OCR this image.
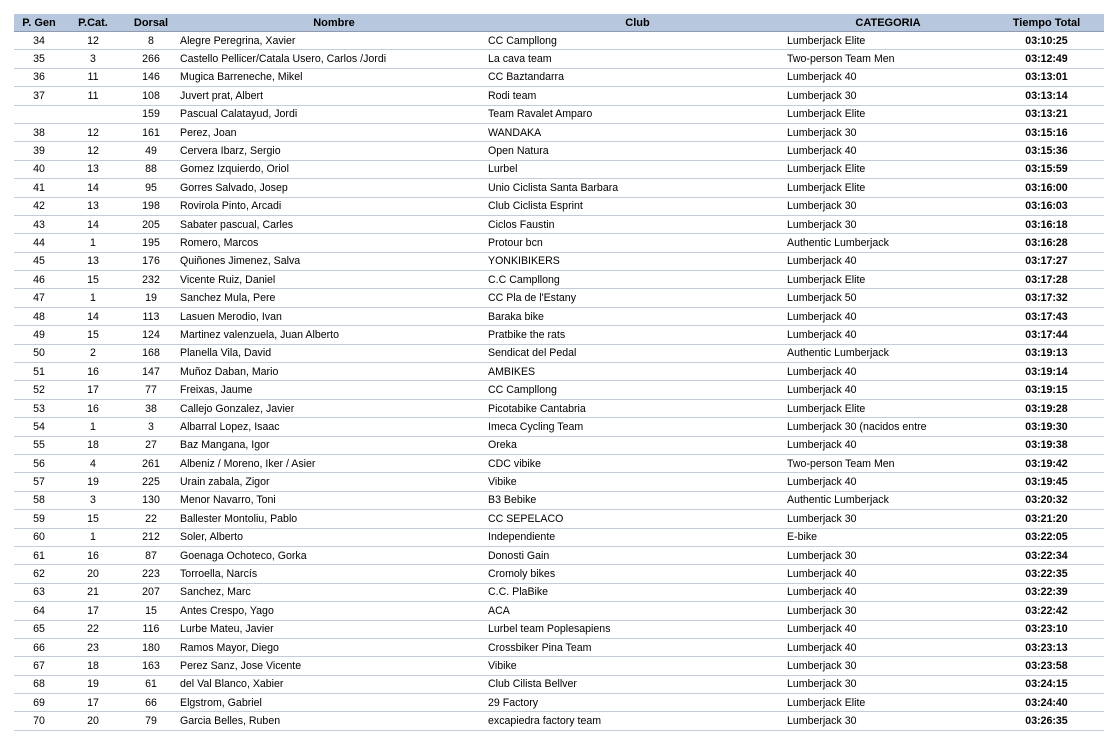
P. Gen	P.Cat.	Dorsal	Nombre	Club	CATEGORIA	Tiempo Total
34	12	8	Alegre Peregrina, Xavier	CC Campllong	Lumberjack Elite	03:10:25
35	3	266	Castello Pellicer/Catala Usero, Carlos /Jordi	La cava team	Two-person Team Men	03:12:49
36	11	146	Mugica Barreneche, Mikel	CC Baztandarra	Lumberjack 40	03:13:01
37	11	108	Juvert prat, Albert	Rodi team	Lumberjack 30	03:13:14
		159	Pascual Calatayud, Jordi	Team Ravalet Amparo	Lumberjack Elite	03:13:21
38	12	161	Perez, Joan	WANDAKA	Lumberjack 30	03:15:16
39	12	49	Cervera Ibarz, Sergio	Open Natura	Lumberjack 40	03:15:36
40	13	88	Gomez Izquierdo, Oriol	Lurbel	Lumberjack Elite	03:15:59
41	14	95	Gorres Salvado, Josep	Unio Ciclista Santa Barbara	Lumberjack Elite	03:16:00
42	13	198	Rovirola Pinto, Arcadi	Club Ciclista Esprint	Lumberjack 30	03:16:03
43	14	205	Sabater pascual, Carles	Ciclos Faustin	Lumberjack 30	03:16:18
44	1	195	Romero, Marcos	Protour bcn	Authentic Lumberjack	03:16:28
45	13	176	Quiñones Jimenez, Salva	YONKIBIKERS	Lumberjack 40	03:17:27
46	15	232	Vicente Ruiz, Daniel	C.C Campllong	Lumberjack Elite	03:17:28
47	1	19	Sanchez Mula, Pere	CC Pla de l'Estany	Lumberjack 50	03:17:32
48	14	113	Lasuen Merodio, Ivan	Baraka bike	Lumberjack 40	03:17:43
49	15	124	Martinez valenzuela, Juan Alberto	Pratbike the rats	Lumberjack 40	03:17:44
50	2	168	Planella Vila, David	Sendicat del Pedal	Authentic Lumberjack	03:19:13
51	16	147	Muñoz Daban, Mario	AMBIKES	Lumberjack 40	03:19:14
52	17	77	Freixas, Jaume	CC Campllong	Lumberjack 40	03:19:15
53	16	38	Callejo Gonzalez, Javier	Picotabike Cantabria	Lumberjack Elite	03:19:28
54	1	3	Albarral Lopez, Isaac	Imeca Cycling Team	Lumberjack 30 (nacidos entre	03:19:30
55	18	27	Baz Mangana, Igor	Oreka	Lumberjack 40	03:19:38
56	4	261	Albeniz / Moreno, Iker / Asier	CDC vibike	Two-person Team Men	03:19:42
57	19	225	Urain zabala, Zigor	Vibike	Lumberjack 40	03:19:45
58	3	130	Menor Navarro, Toni	B3 Bebike	Authentic Lumberjack	03:20:32
59	15	22	Ballester Montoliu, Pablo	CC SEPELACO	Lumberjack 30	03:21:20
60	1	212	Soler, Alberto	Independiente	E-bike	03:22:05
61	16	87	Goenaga Ochoteco, Gorka	Donosti Gain	Lumberjack 30	03:22:34
62	20	223	Torroella, Narcís	Cromoly bikes	Lumberjack 40	03:22:35
63	21	207	Sanchez, Marc	C.C. PlaBike	Lumberjack 40	03:22:39
64	17	15	Antes Crespo, Yago	ACA	Lumberjack 30	03:22:42
65	22	116	Lurbe Mateu, Javier	Lurbel team Poplesapiens	Lumberjack 40	03:23:10
66	23	180	Ramos Mayor, Diego	Crossbiker Pina Team	Lumberjack 40	03:23:13
67	18	163	Perez Sanz, Jose Vicente	Vibike	Lumberjack 30	03:23:58
68	19	61	del Val Blanco, Xabier	Club Cilista Bellver	Lumberjack 30	03:24:15
69	17	66	Elgstrom, Gabriel	29 Factory	Lumberjack Elite	03:24:40
70	20	79	Garcia Belles, Ruben	excapiedra factory team	Lumberjack 30	03:26:35
